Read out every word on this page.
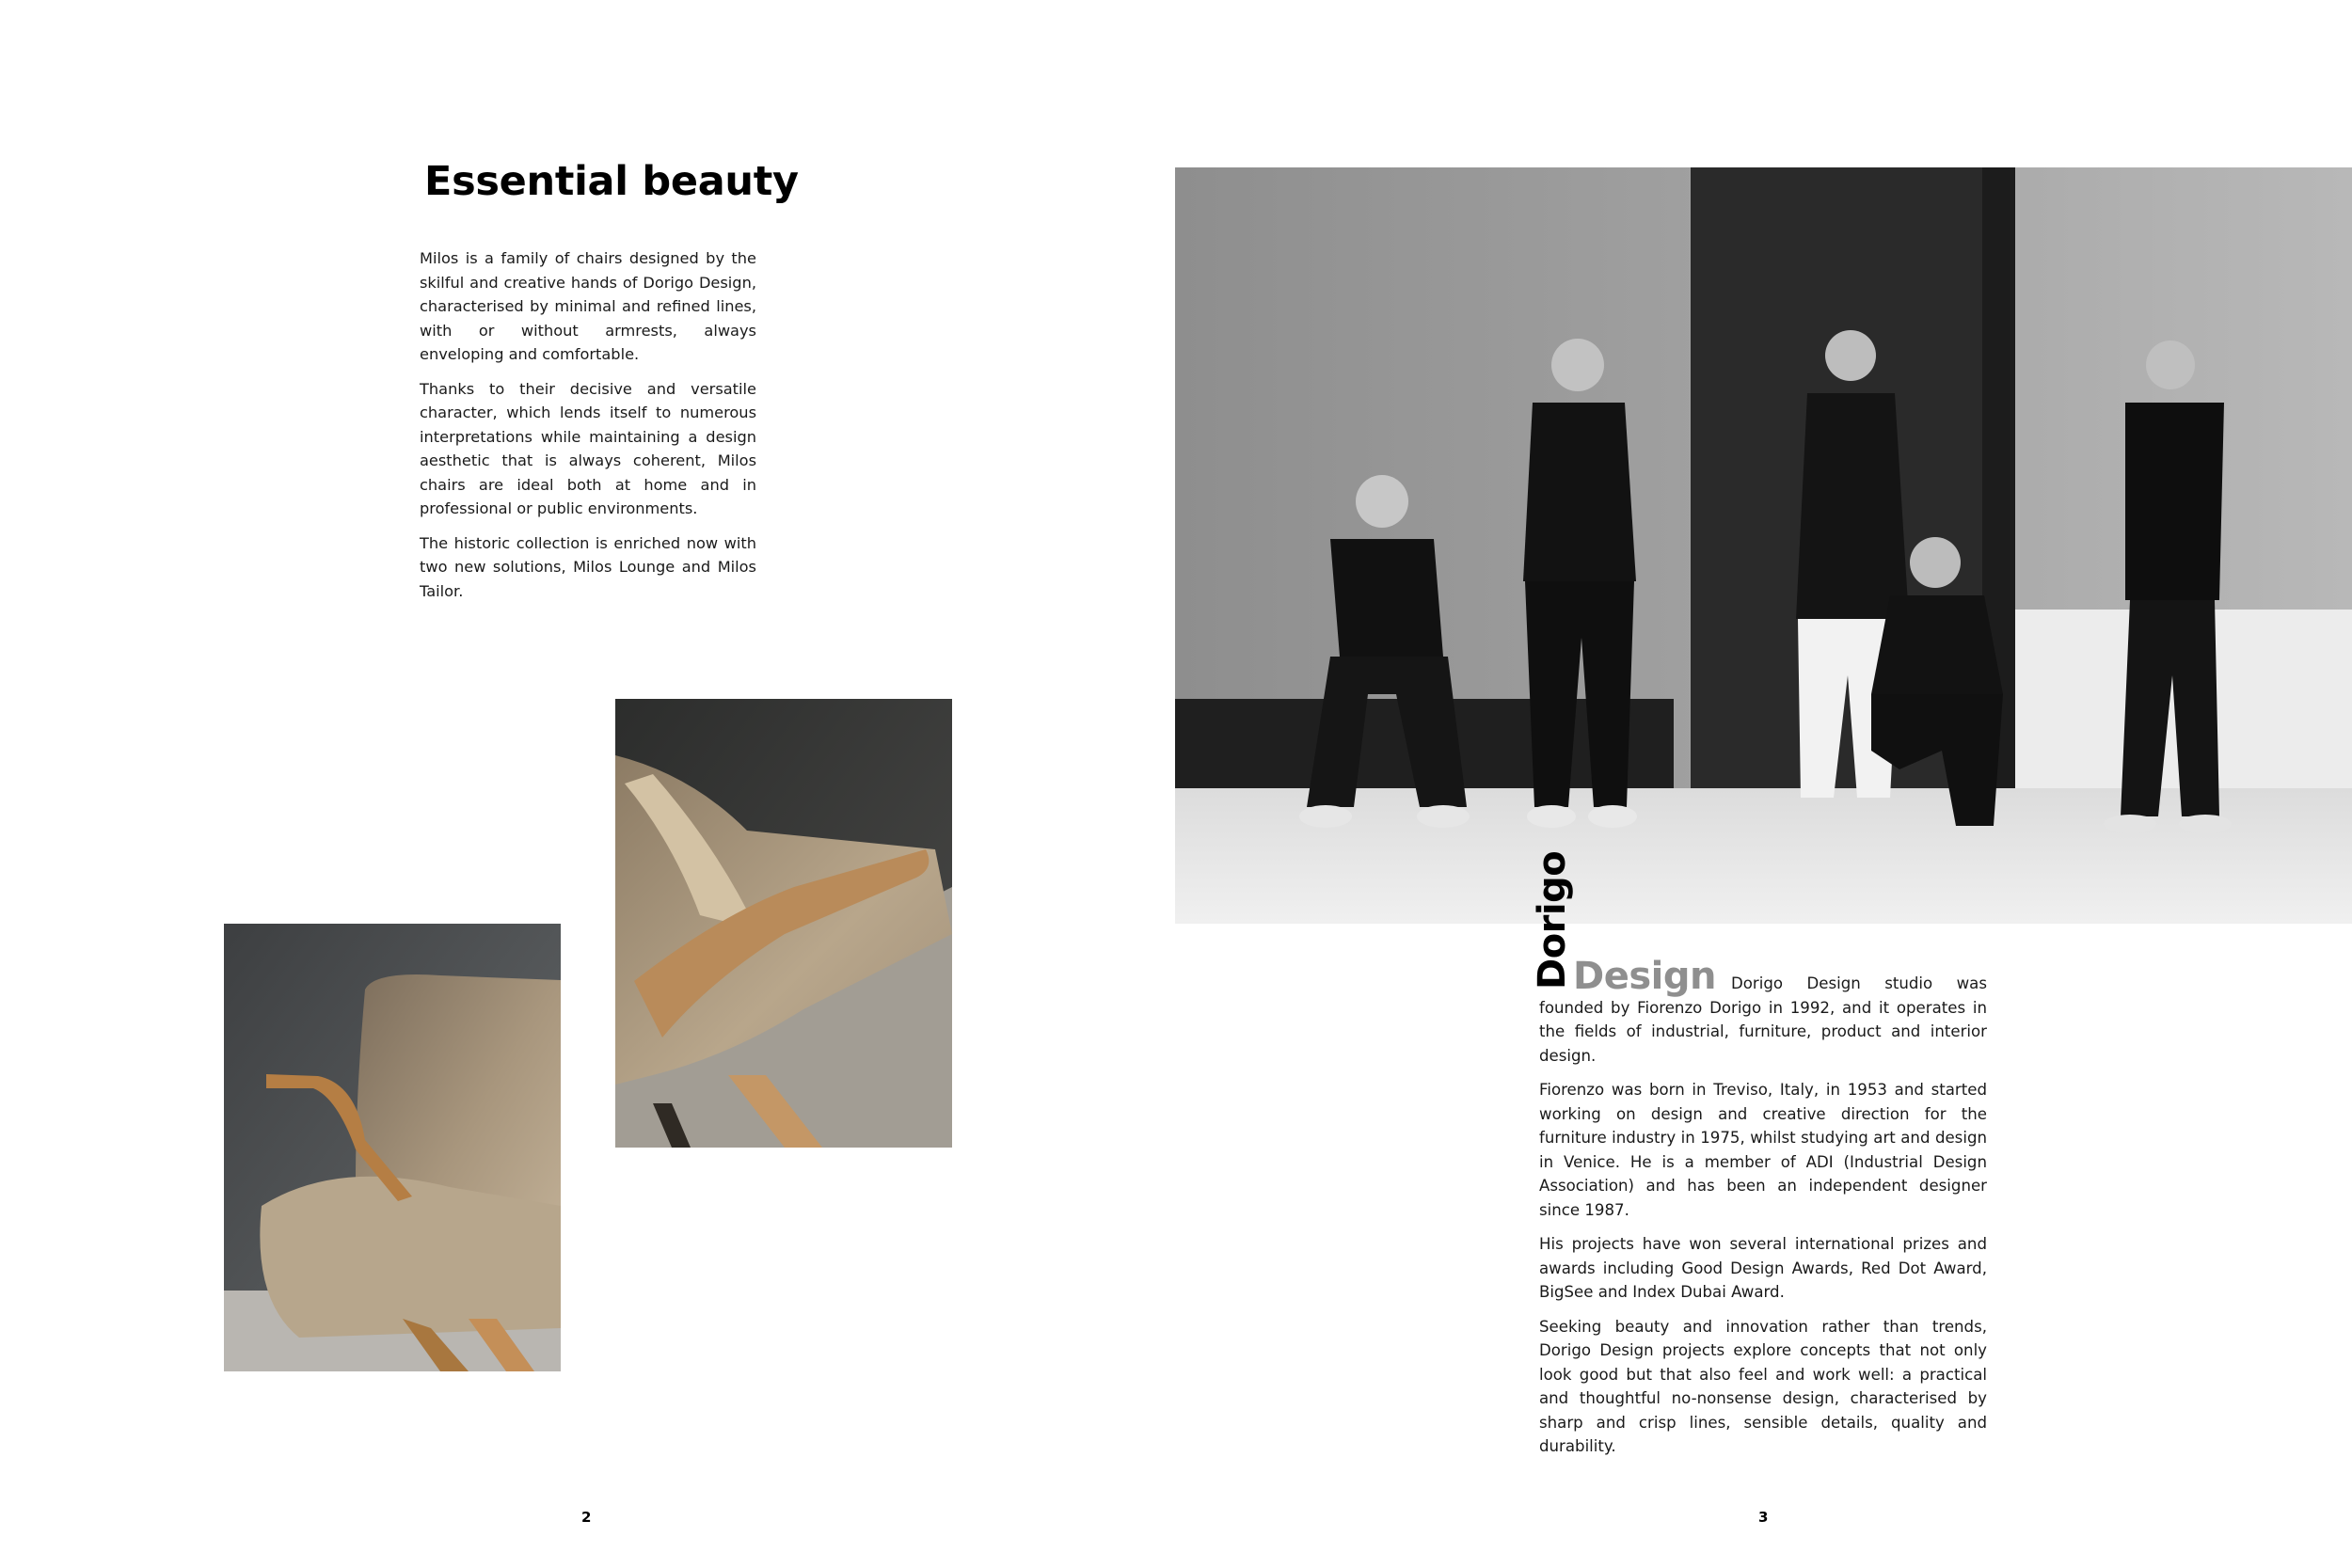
Essential beauty

Milos is a family of chairs designed by the skilful and creative hands of Dorigo Design, characterised by minimal and refined lines, with or without armrests, always enveloping and comfortable.

Thanks to their decisive and versatile character, which lends itself to numerous interpretations while maintaining a design aesthetic that is always coherent, Milos chairs are ideal both at home and in professional or public environments.

The historic collection is enriched now with two new solutions, Milos Lounge and Milos Tailor.

2	3
Dorigo Design Dorigo Design studio was founded by Fiorenzo Dorigo in 1992, and it operates in the fields of industrial, furniture, product and interior design.

Fiorenzo was born in Treviso, Italy, in 1953 and started working on design and creative direction for the furniture industry in 1975, whilst studying art and design in Venice. He is a member of ADI (Industrial Design Association) and has been an independent designer since 1987.

His projects have won several international prizes and awards including Good Design Awards, Red Dot Award, BigSee and Index Dubai Award.

Seeking beauty and innovation rather than trends, Dorigo Design projects explore concepts that not only look good but that also feel and work well: a practical and thoughtful no-nonsense design, characterised by sharp and crisp lines, sensible details, quality and durability.
